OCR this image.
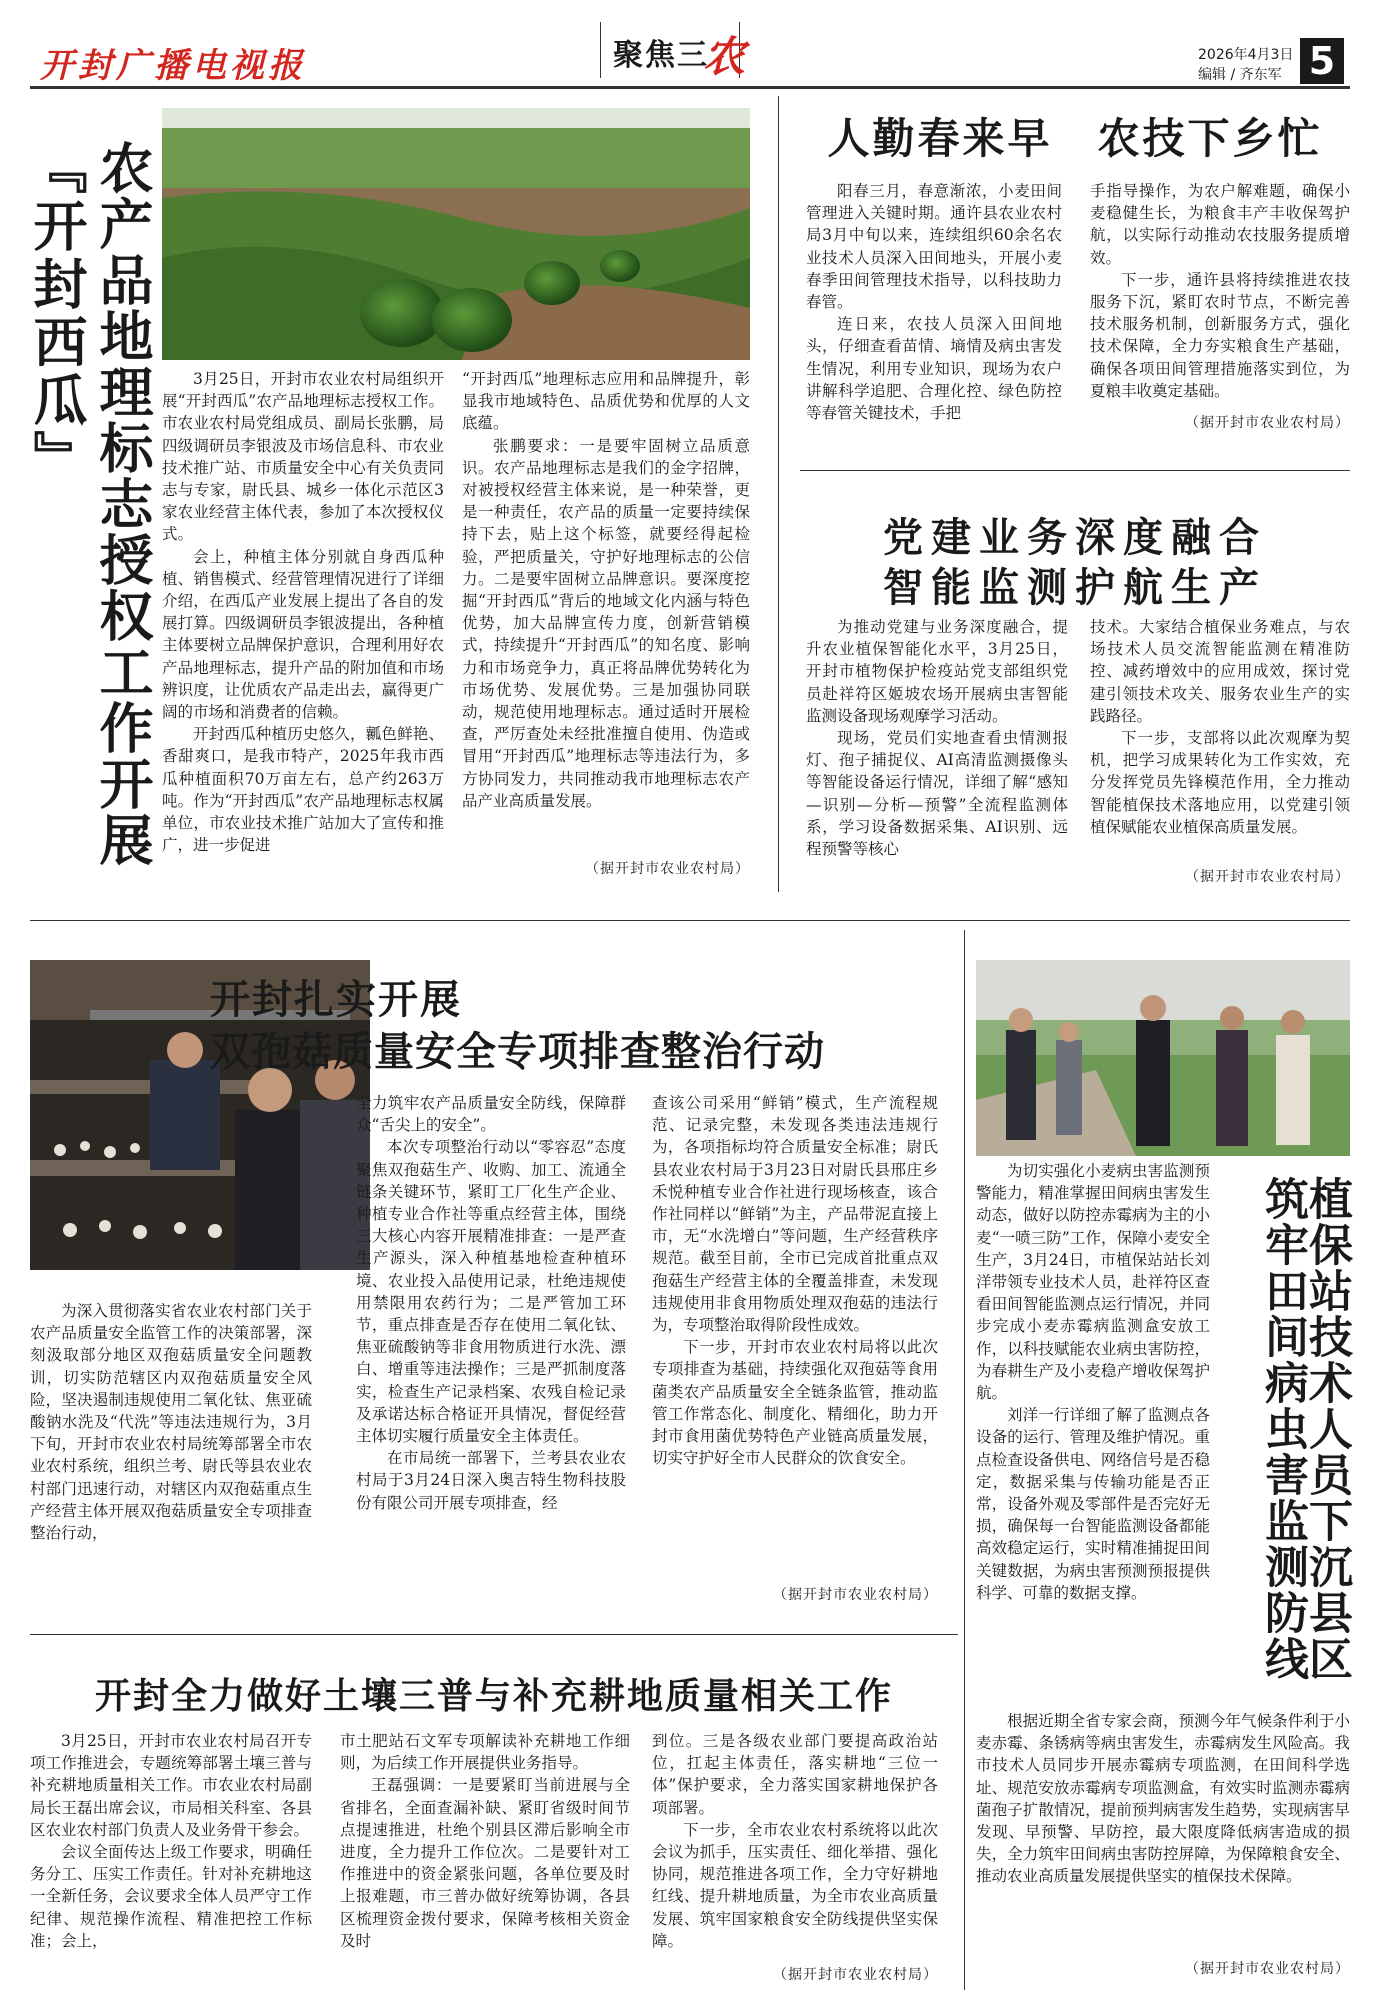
开封广播电视报	聚焦三
农	2026年4月3日
编辑 / 齐东军 5
『开封西瓜』 农产品地理标志授权工作开展	3月25日，开封市农业农村局组织开展“开封西瓜”农产品地理标志授权工作。市农业农村局党组成员、副局长张鹏，局四级调研员李银波及市场信息科、市农业技术推广站、市质量安全中心有关负责同志与专家，尉氏县、城乡一体化示范区3家农业经营主体代表，参加了本次授权仪式。

会上，种植主体分别就自身西瓜种植、销售模式、经营管理情况进行了详细介绍，在西瓜产业发展上提出了各自的发展打算。四级调研员李银波提出，各种植主体要树立品牌保护意识，合理利用好农产品地理标志，提升产品的附加值和市场辨识度，让优质农产品走出去，赢得更广阔的市场和消费者的信赖。

开封西瓜种植历史悠久，瓤色鲜艳、香甜爽口，是我市特产，2025年我市西瓜种植面积70万亩左右，总产约263万吨。作为“开封西瓜”农产品地理标志权属单位，市农业技术推广站加大了宣传和推广，进一步促进

“开封西瓜”地理标志应用和品牌提升，彰显我市地域特色、品质优势和优厚的人文底蕴。

张鹏要求：一是要牢固树立品质意识。农产品地理标志是我们的金字招牌，对被授权经营主体来说，是一种荣誉，更是一种责任，农产品的质量一定要持续保持下去，贴上这个标签，就要经得起检验，严把质量关，守护好地理标志的公信力。二是要牢固树立品牌意识。要深度挖掘“开封西瓜”背后的地域文化内涵与特色优势，加大品牌宣传力度，创新营销模式，持续提升“开封西瓜”的知名度、影响力和市场竞争力，真正将品牌优势转化为市场优势、发展优势。三是加强协同联动，规范使用地理标志。通过适时开展检查，严厉查处未经批准擅自使用、伪造或冒用“开封西瓜”地理标志等违法行为，多方协同发力，共同推动我市地理标志农产品产业高质量发展。

（据开封市农业农村局）
人勤春来早　农技下乡忙

阳春三月，春意渐浓，小麦田间管理进入关键时期。通许县农业农村局3月中旬以来，连续组织60余名农业技术人员深入田间地头，开展小麦春季田间管理技术指导，以科技助力春管。

连日来，农技人员深入田间地头，仔细查看苗情、墒情及病虫害发生情况，利用专业知识，现场为农户讲解科学追肥、合理化控、绿色防控等春管关键技术，手把

手指导操作，为农户解难题，确保小麦稳健生长，为粮食丰产丰收保驾护航，以实际行动推动农技服务提质增效。

下一步，通许县将持续推进农技服务下沉，紧盯农时节点，不断完善技术服务机制，创新服务方式，强化技术保障，全力夯实粮食生产基础，确保各项田间管理措施落实到位，为夏粮丰收奠定基础。

（据开封市农业农村局）
党建业务深度融合
智能监测护航生产

为推动党建与业务深度融合，提升农业植保智能化水平，3月25日，开封市植物保护检疫站党支部组织党员赴祥符区姬坡农场开展病虫害智能监测设备现场观摩学习活动。

现场，党员们实地查看虫情测报灯、孢子捕捉仪、AI高清监测摄像头等智能设备运行情况，详细了解“感知—识别—分析—预警”全流程监测体系，学习设备数据采集、AI识别、远程预警等核心

技术。大家结合植保业务难点，与农场技术人员交流智能监测在精准防控、减药增效中的应用成效，探讨党建引领技术攻关、服务农业生产的实践路径。

下一步，支部将以此次观摩为契机，把学习成果转化为工作实效，充分发挥党员先锋模范作用，全力推动智能植保技术落地应用，以党建引领植保赋能农业植保高质量发展。

（据开封市农业农村局）
开封扎实开展
双孢菇质量安全专项排查整治行动

为深入贯彻落实省农业农村部门关于农产品质量安全监管工作的决策部署，深刻汲取部分地区双孢菇质量安全问题教训，切实防范辖区内双孢菇质量安全风险，坚决遏制违规使用二氧化钛、焦亚硫酸钠水洗及“代洗”等违法违规行为，3月下旬，开封市农业农村局统筹部署全市农业农村系统，组织兰考、尉氏等县农业农村部门迅速行动，对辖区内双孢菇重点生产经营主体开展双孢菇质量安全专项排查整治行动，

全力筑牢农产品质量安全防线，保障群众“舌尖上的安全”。

本次专项整治行动以“零容忍”态度聚焦双孢菇生产、收购、加工、流通全链条关键环节，紧盯工厂化生产企业、种植专业合作社等重点经营主体，围绕三大核心内容开展精准排查：一是严查生产源头，深入种植基地检查种植环境、农业投入品使用记录，杜绝违规使用禁限用农药行为；二是严管加工环节，重点排查是否存在使用二氧化钛、焦亚硫酸钠等非食用物质进行水洗、漂白、增重等违法操作；三是严抓制度落实，检查生产记录档案、农残自检记录及承诺达标合格证开具情况，督促经营主体切实履行质量安全主体责任。

在市局统一部署下，兰考县农业农村局于3月24日深入奥吉特生物科技股份有限公司开展专项排查，经

查该公司采用“鲜销”模式，生产流程规范、记录完整，未发现各类违法违规行为，各项指标均符合质量安全标准；尉氏县农业农村局于3月23日对尉氏县邢庄乡禾悦种植专业合作社进行现场核查，该合作社同样以“鲜销”为主，产品带泥直接上市，无“水洗增白”等问题，生产经营秩序规范。截至目前，全市已完成首批重点双孢菇生产经营主体的全覆盖排查，未发现违规使用非食用物质处理双孢菇的违法行为，专项整治取得阶段性成效。

下一步，开封市农业农村局将以此次专项排查为基础，持续强化双孢菇等食用菌类农产品质量安全全链条监管，推动监管工作常态化、制度化、精细化，助力开封市食用菌优势特色产业链高质量发展，切实守护好全市人民群众的饮食安全。

（据开封市农业农村局）

为切实强化小麦病虫害监测预警能力，精准掌握田间病虫害发生动态，做好以防控赤霉病为主的小麦“一喷三防”工作，保障小麦安全生产，3月24日，市植保站站长刘洋带领专业技术人员，赴祥符区查看田间智能监测点运行情况，并同步完成小麦赤霉病监测盒安放工作，以科技赋能农业病虫害防控，为春耕生产及小麦稳产增收保驾护航。

刘洋一行详细了解了监测点各设备的运行、管理及维护情况。重点检查设备供电、网络信号是否稳定，数据采集与传输功能是否正常，设备外观及零部件是否完好无损，确保每一台智能监测设备都能高效稳定运行，实时精准捕捉田间关键数据，为病虫害预测预报提供科学、可靠的数据支撑。	植保站技术人员下沉县区筑牢田间病虫害监测防线

根据近期全省专家会商，预测今年气候条件利于小麦赤霉、条锈病等病虫害发生，赤霉病发生风险高。我市技术人员同步开展赤霉病专项监测，在田间科学选址、规范安放赤霉病专项监测盒，有效实时监测赤霉病菌孢子扩散情况，提前预判病害发生趋势，实现病害早发现、早预警、早防控，最大限度降低病害造成的损失，全力筑牢田间病虫害防控屏障，为保障粮食安全、推动农业高质量发展提供坚实的植保技术保障。

（据开封市农业农村局）
开封全力做好土壤三普与补充耕地质量相关工作

3月25日，开封市农业农村局召开专项工作推进会，专题统筹部署土壤三普与补充耕地质量相关工作。市农业农村局副局长王磊出席会议，市局相关科室、各县区农业农村部门负责人及业务骨干参会。

会议全面传达上级工作要求，明确任务分工、压实工作责任。针对补充耕地这一全新任务，会议要求全体人员严守工作纪律、规范操作流程、精准把控工作标准；会上，

市土肥站石文军专项解读补充耕地工作细则，为后续工作开展提供业务指导。

王磊强调：一是要紧盯当前进展与全省排名，全面查漏补缺、紧盯省级时间节点提速推进，杜绝个别县区滞后影响全市进度，全力提升工作位次。二是要针对工作推进中的资金紧张问题，各单位要及时上报难题，市三普办做好统筹协调，各县区梳理资金拨付要求，保障考核相关资金及时

到位。三是各级农业部门要提高政治站位，扛起主体责任，落实耕地“三位一体”保护要求，全力落实国家耕地保护各项部署。

下一步，全市农业农村系统将以此次会议为抓手，压实责任、细化举措、强化协同，规范推进各项工作，全力守好耕地红线、提升耕地质量，为全市农业高质量发展、筑牢国家粮食安全防线提供坚实保障。

（据开封市农业农村局）
